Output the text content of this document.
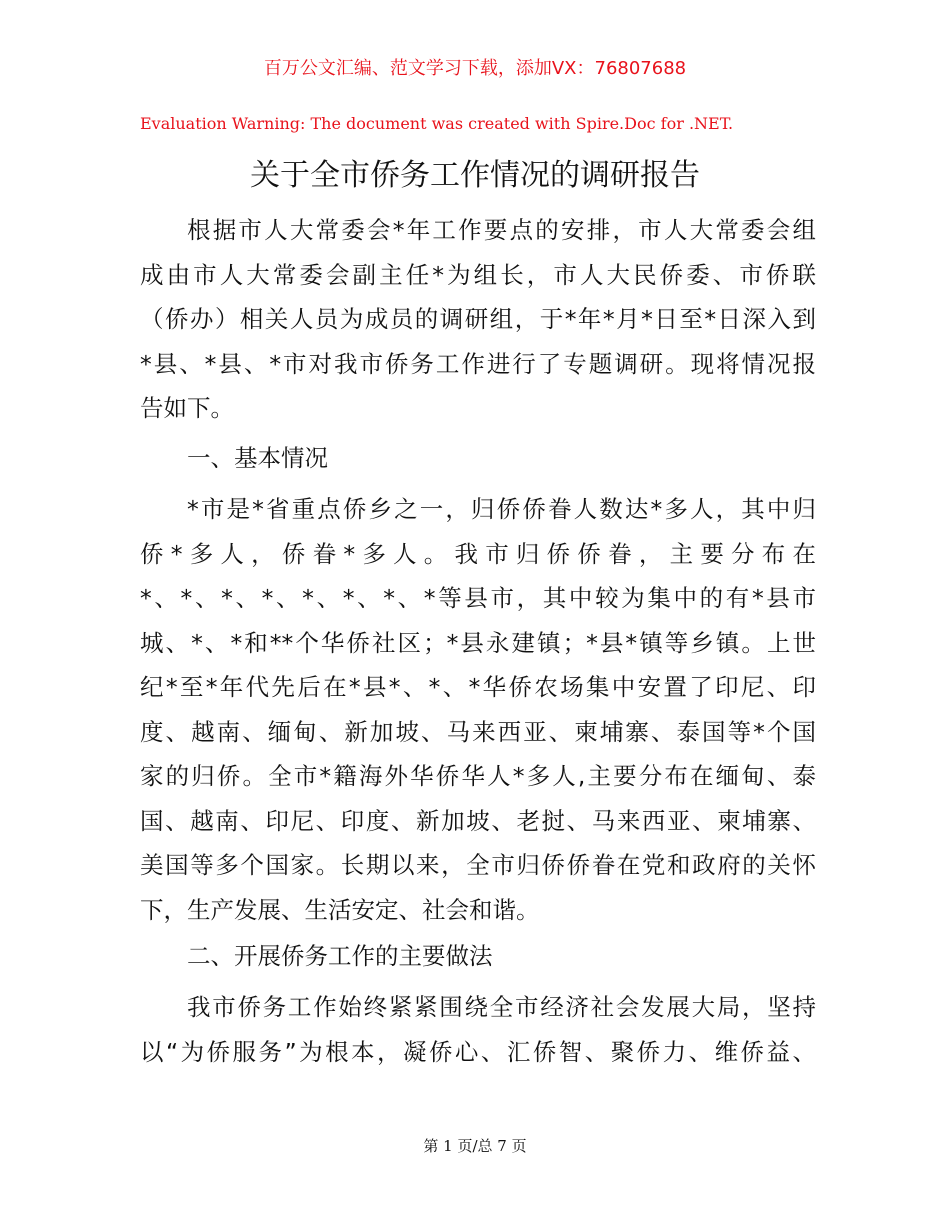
百万公文汇编、范文学习下载，添加VX：76807688
Evaluation Warning: The document was created with Spire.Doc for .NET.
关于全市侨务工作情况的调研报告
根据市人大常委会*年工作要点的安排，市人大常委会组
成由市人大常委会副主任*为组长，市人大民侨委、市侨联
（侨办）相关人员为成员的调研组，于*年*月*日至*日深入到
*县、*县、*市对我市侨务工作进行了专题调研。现将情况报
告如下。
一、基本情况
*市是*省重点侨乡之一，归侨侨眷人数达*多人，其中归
侨*多人，侨眷*多人。我市归侨侨眷，主要分布在
*、*、*、*、*、*、*、*等县市，其中较为集中的有*县市
城、*、*和**个华侨社区；*县永建镇；*县*镇等乡镇。上世
纪*至*年代先后在*县*、*、*华侨农场集中安置了印尼、印
度、越南、缅甸、新加坡、马来西亚、柬埔寨、泰国等*个国
家的归侨。全市*籍海外华侨华人*多人,主要分布在缅甸、泰
国、越南、印尼、印度、新加坡、老挝、马来西亚、柬埔寨、
美国等多个国家。长期以来，全市归侨侨眷在党和政府的关怀
下，生产发展、生活安定、社会和谐。
二、开展侨务工作的主要做法
我市侨务工作始终紧紧围绕全市经济社会发展大局，坚持
以“为侨服务”为根本，凝侨心、汇侨智、聚侨力、维侨益、
第 1 页/总 7 页
